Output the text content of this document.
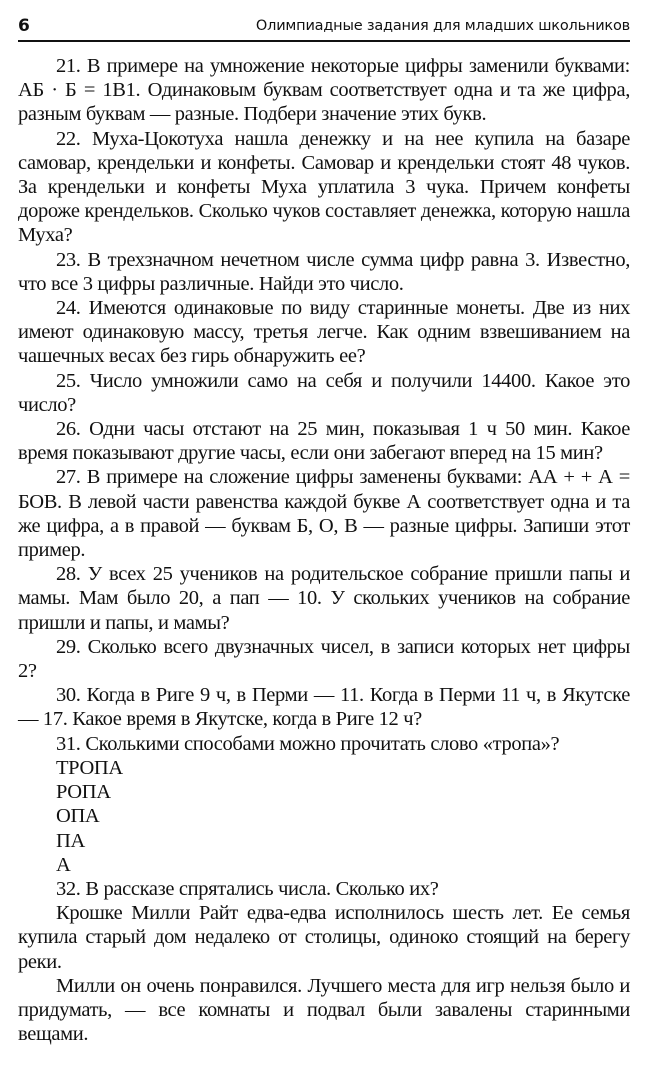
6	Олимпиадные задания для младших школьников

21. В примере на умножение некоторые цифры заменили буквами: АБ · Б = 1В1. Одинаковым буквам соответствует одна и та же цифра, разным буквам — разные. Подбери значение этих букв.

22. Муха-Цокотуха нашла денежку и на нее купила на базаре самовар, крендельки и конфеты. Самовар и крендельки стоят 48 чуков. За крендельки и конфеты Муха уплатила 3 чука. Причем конфеты дороже крендельков. Сколько чуков составляет денежка, которую нашла Муха?

23. В трехзначном нечетном числе сумма цифр равна 3. Известно, что все 3 цифры различные. Найди это число.

24. Имеются одинаковые по виду старинные монеты. Две из них имеют одинаковую массу, третья легче. Как одним взвешиванием на чашечных весах без гирь обнаружить ее?

25. Число умножили само на себя и получили 14400. Какое это число?

26. Одни часы отстают на 25 мин, показывая 1 ч 50 мин. Какое время показывают другие часы, если они забегают вперед на 15 мин?

27. В примере на сложение цифры заменены буквами: АА + + А = БОВ. В левой части равенства каждой букве А соответствует одна и та же цифра, а в правой — буквам Б, О, В — разные цифры. Запиши этот пример.

28. У всех 25 учеников на родительское собрание пришли папы и мамы. Мам было 20, а пап — 10. У скольких учеников на собрание пришли и папы, и мамы?

29. Сколько всего двузначных чисел, в записи которых нет цифры 2?

30. Когда в Риге 9 ч, в Перми — 11. Когда в Перми 11 ч, в Якутске — 17. Какое время в Якутске, когда в Риге 12 ч?

31. Сколькими способами можно прочитать слово «тропа»?

ТРОПА
РОПА
ОПА
ПА
А

32. В рассказе спрятались числа. Сколько их?

Крошке Милли Райт едва-едва исполнилось шесть лет. Ее семья купила старый дом недалеко от столицы, одиноко стоящий на берегу реки.

Милли он очень понравился. Лучшего места для игр нельзя было и придумать, — все комнаты и подвал были завалены старинными вещами.
